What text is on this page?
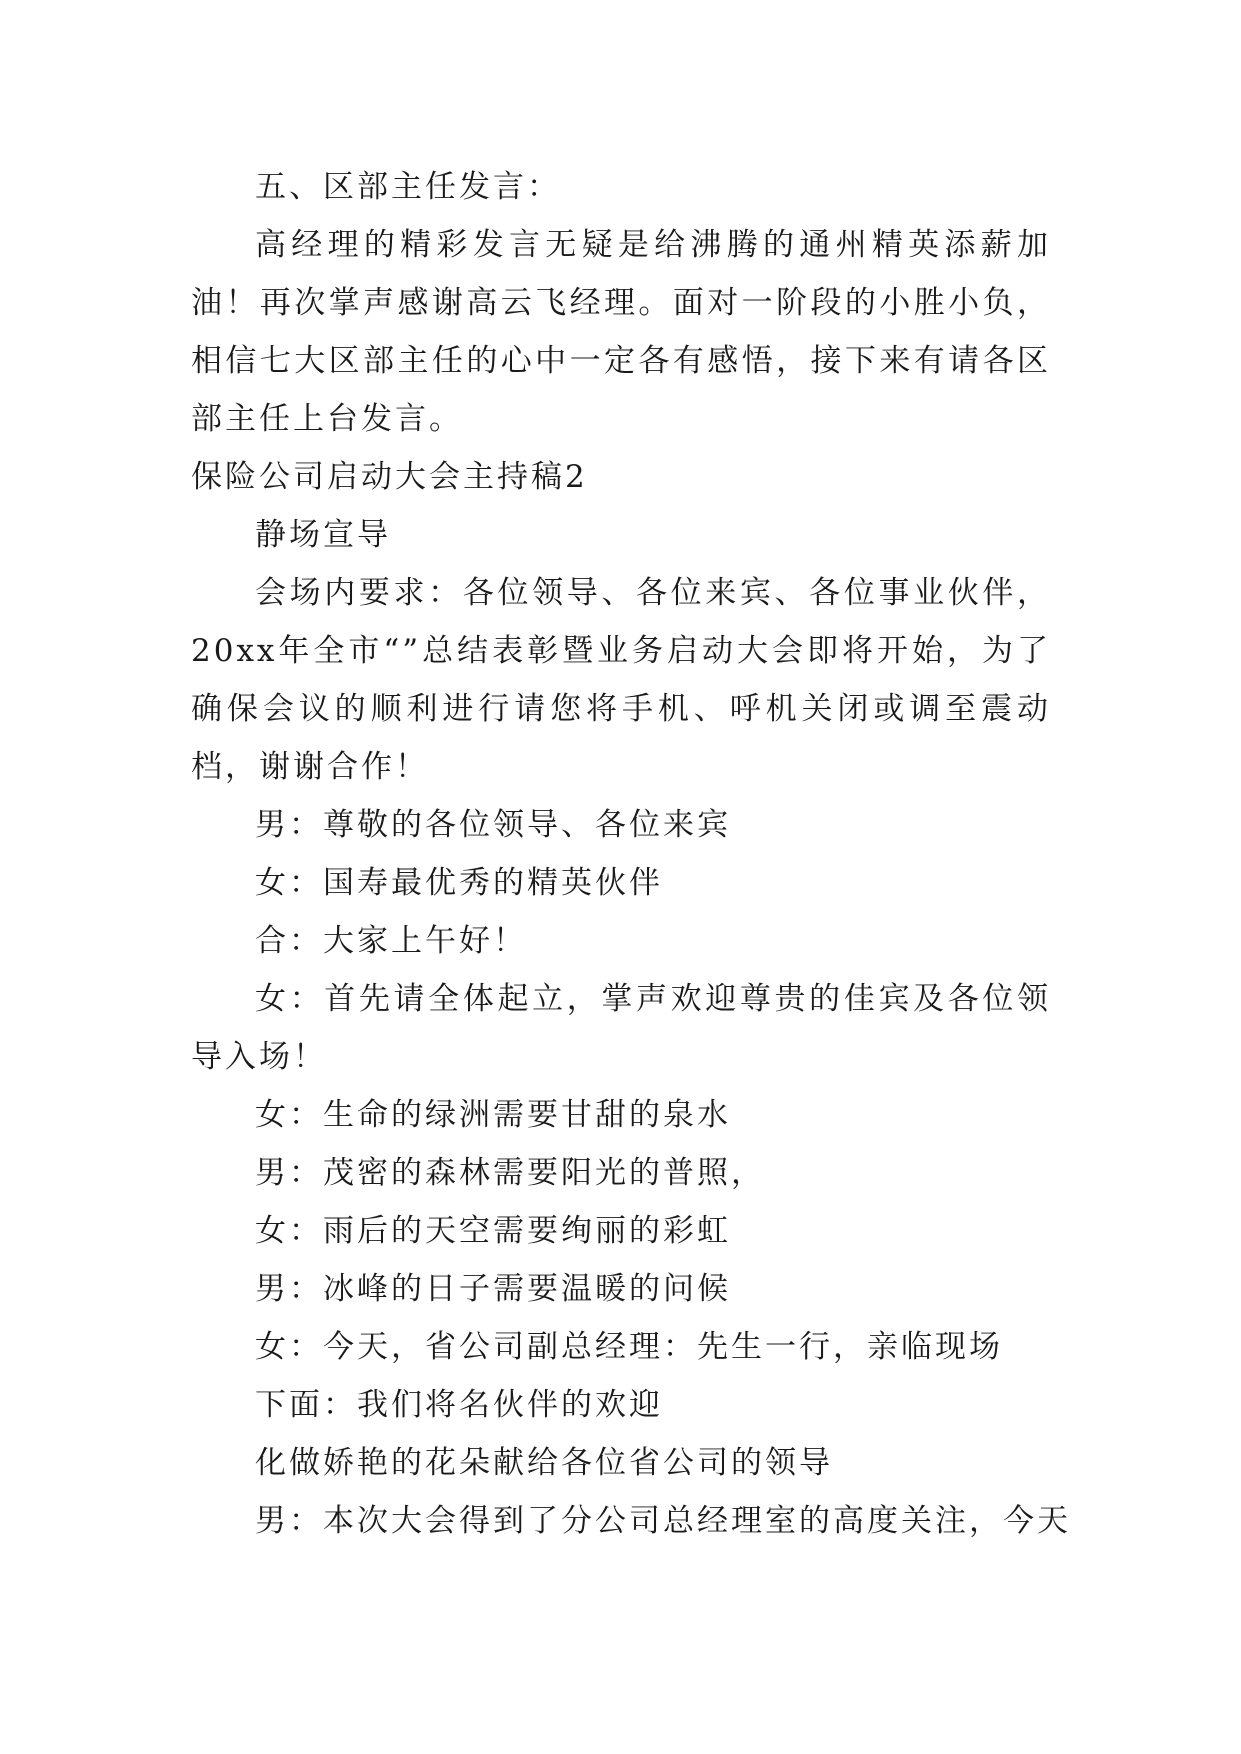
五、区部主任发言：

高经理的精彩发言无疑是给沸腾的通州精英添薪加油！再次掌声感谢高云飞经理。面对一阶段的小胜小负，相信七大区部主任的心中一定各有感悟，接下来有请各区部主任上台发言。

保险公司启动大会主持稿2

静场宣导

会场内要求：各位领导、各位来宾、各位事业伙伴，20xx年全市“”总结表彰暨业务启动大会即将开始，为了确保会议的顺利进行请您将手机、呼机关闭或调至震动档，谢谢合作！

男：尊敬的各位领导、各位来宾

女：国寿最优秀的精英伙伴

合：大家上午好！

女：首先请全体起立，掌声欢迎尊贵的佳宾及各位领导入场！

女：生命的绿洲需要甘甜的泉水

男：茂密的森林需要阳光的普照，

女：雨后的天空需要绚丽的彩虹

男：冰峰的日子需要温暖的问候

女：今天，省公司副总经理：先生一行，亲临现场

下面：我们将名伙伴的欢迎

化做娇艳的花朵献给各位省公司的领导

男：本次大会得到了分公司总经理室的高度关注，今天
